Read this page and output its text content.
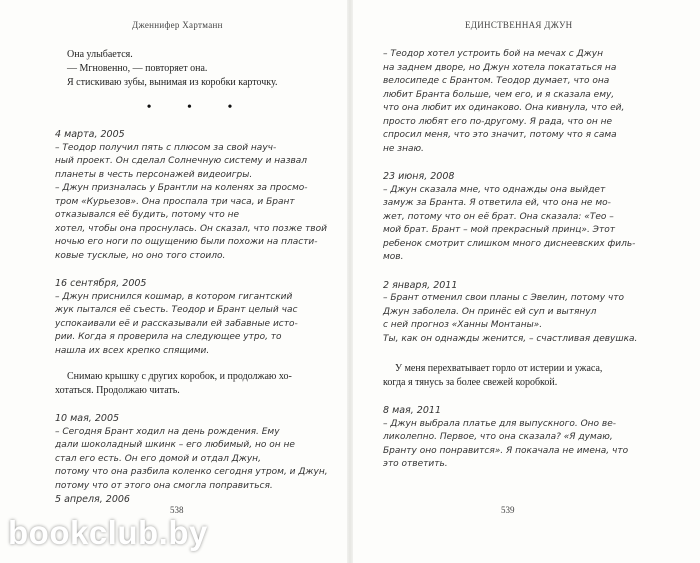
Дженнифер Хартманн

Она улыбается.

— Мгновенно, — повторяет она.

Я стискиваю зубы, вынимая из коробки карточку.

• • •

4 марта, 2005

– Теодор получил пять с плюсом за свой науч-

ный проект. Он сделал Солнечную систему и назвал

планеты в честь персонажей видеоигры.

– Джун призналась у Брантли на коленях за просмо-

тром «Курьезов». Она проспала три часа, и Брант

отказывался её будить, потому что не

хотел, чтобы она проснулась. Он сказал, что позже твой

ночью его ноги по ощущению были похожи на пласти-

ковые тусклые, но оно того стоило.

16 сентября, 2005

– Джун приснился кошмар, в котором гигантский

жук пытался её съесть. Теодор и Брант целый час

успокаивали её и рассказывали ей забавные исто-

рии. Когда я проверила на следующее утро, то

нашла их всех крепко спящими.

Снимаю крышку с других коробок, и продолжаю хо-

хотаться. Продолжаю читать.

10 мая, 2005

– Сегодня Брант ходил на день рождения. Ему

дали шоколадный шкинк – его любимый, но он не

стал его есть. Он его домой и отдал Джун,

потому что она разбила коленко сегодня утром, и Джун,

потому что от этого она смогла поправиться.

5 апреля, 2006

538
ЕДИНСТВЕННАЯ ДЖУН

– Теодор хотел устроить бой на мечах с Джун

на заднем дворе, но Джун хотела покататься на

велосипеде с Брантом. Теодор думает, что она

любит Бранта больше, чем его, и я сказала ему,

что она любит их одинаково. Она кивнула, что ей,

просто любят его по-другому. Я рада, что он не

спросил меня, что это значит, потому что я сама

не знаю.

23 июня, 2008

– Джун сказала мне, что однажды она выйдет

замуж за Бранта. Я ответила ей, что она не мо-

жет, потому что он её брат. Она сказала: «Тео –

мой брат. Брант – мой прекрасный принц». Этот

ребенок смотрит слишком много диснеевских филь-

мов.

2 января, 2011

– Брант отменил свои планы с Эвелин, потому что

Джун заболела. Он принёс ей суп и вытянул

с ней прогноз «Ханны Монтаны».

Ты, как он однажды женится, – счастливая девушка.

У меня перехватывает горло от истерии и ужаса,

когда я тянусь за более свежей коробкой.

8 мая, 2011

– Джун выбрала платье для выпускного. Оно ве-

ликолепно. Первое, что она сказала? «Я думаю,

Бранту оно понравится». Я покачала не имена, что

это ответить.

539
bookclub.by
